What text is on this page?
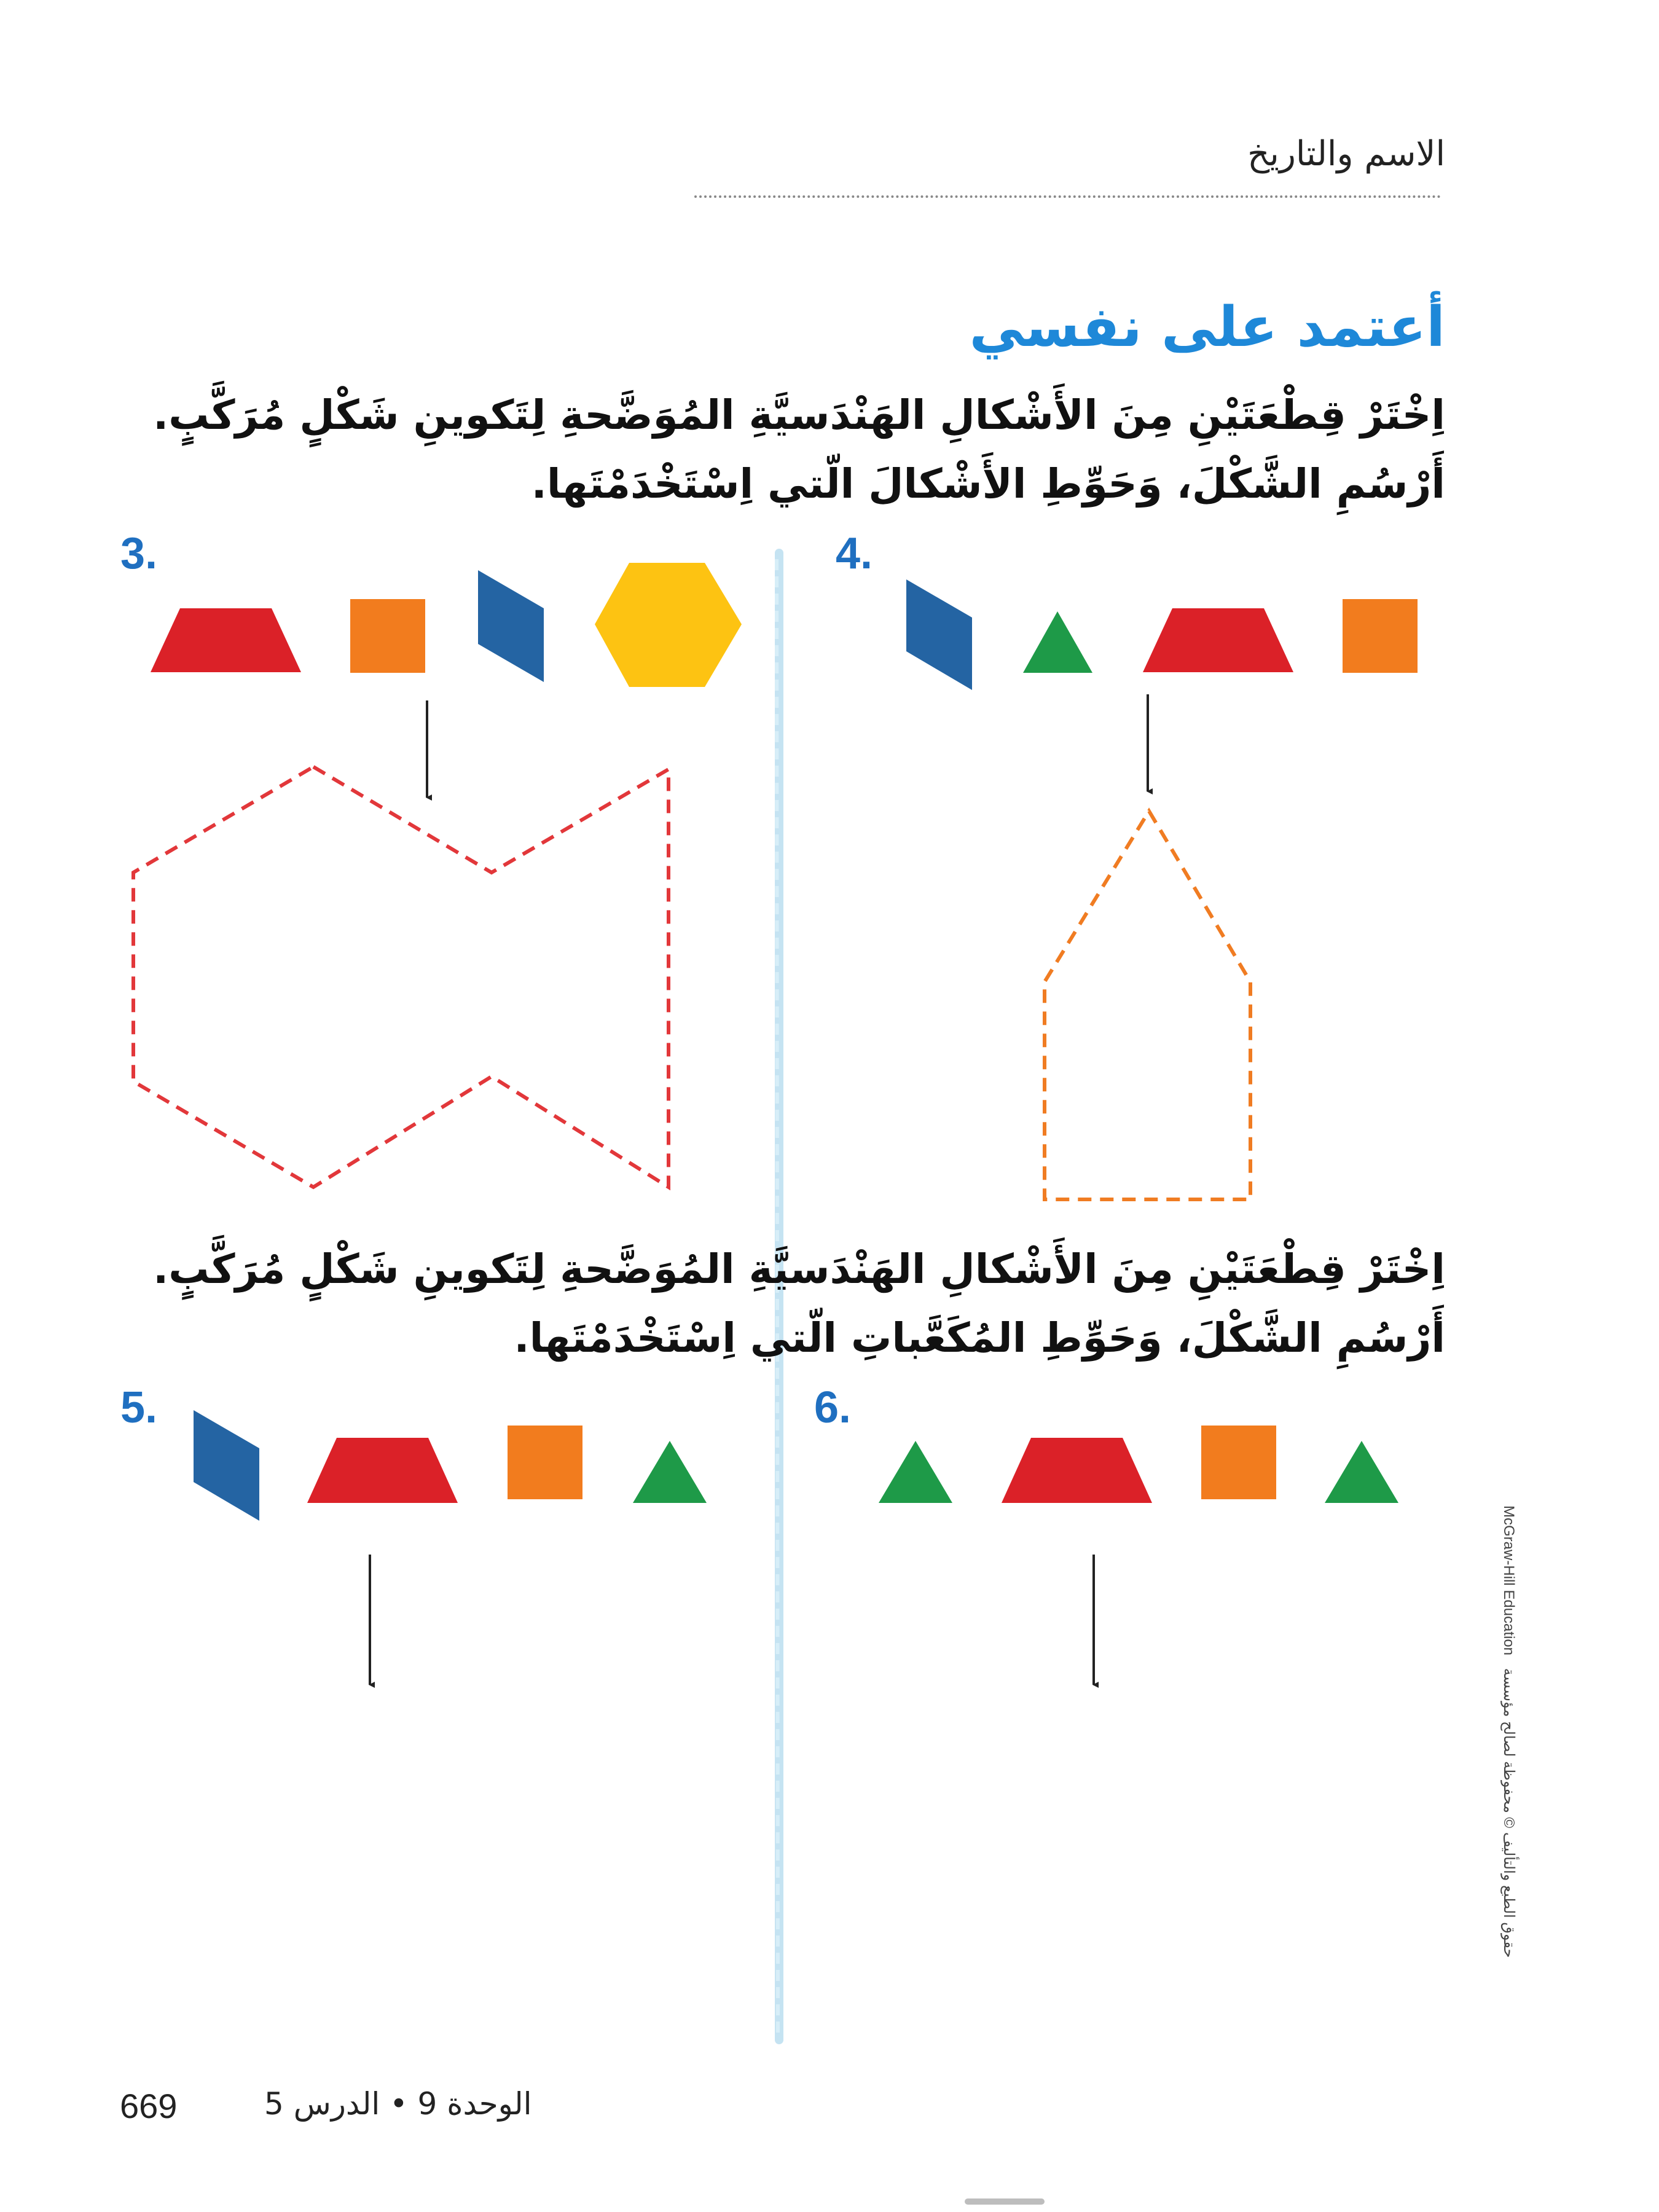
الاسم والتاريخ
أعتمد على نفسي
اِخْتَرْ قِطْعَتَيْنِ مِنَ الأَشْكالِ الهَنْدَسيَّةِ المُوَضَّحةِ لِتَكوينِ شَكْلٍ مُرَكَّبٍ.
أَرْسُمِ الشَّكْلَ، وَحَوِّطِ الأَشْكالَ الّتي اِسْتَخْدَمْتَها.
3.	4.
اِخْتَرْ قِطْعَتَيْنِ مِنَ الأَشْكالِ الهَنْدَسيَّةِ المُوَضَّحةِ لِتَكوينِ شَكْلٍ مُرَكَّبٍ.
أَرْسُمِ الشَّكْلَ، وَحَوِّطِ المُكَعَّباتِ الّتي اِسْتَخْدَمْتَها.
5.	6.
McGraw-Hill Education حقوق الطبع والتأليف © محفوظة لصالح مؤسسة
669	الوحدة 9 • الدرس 5
